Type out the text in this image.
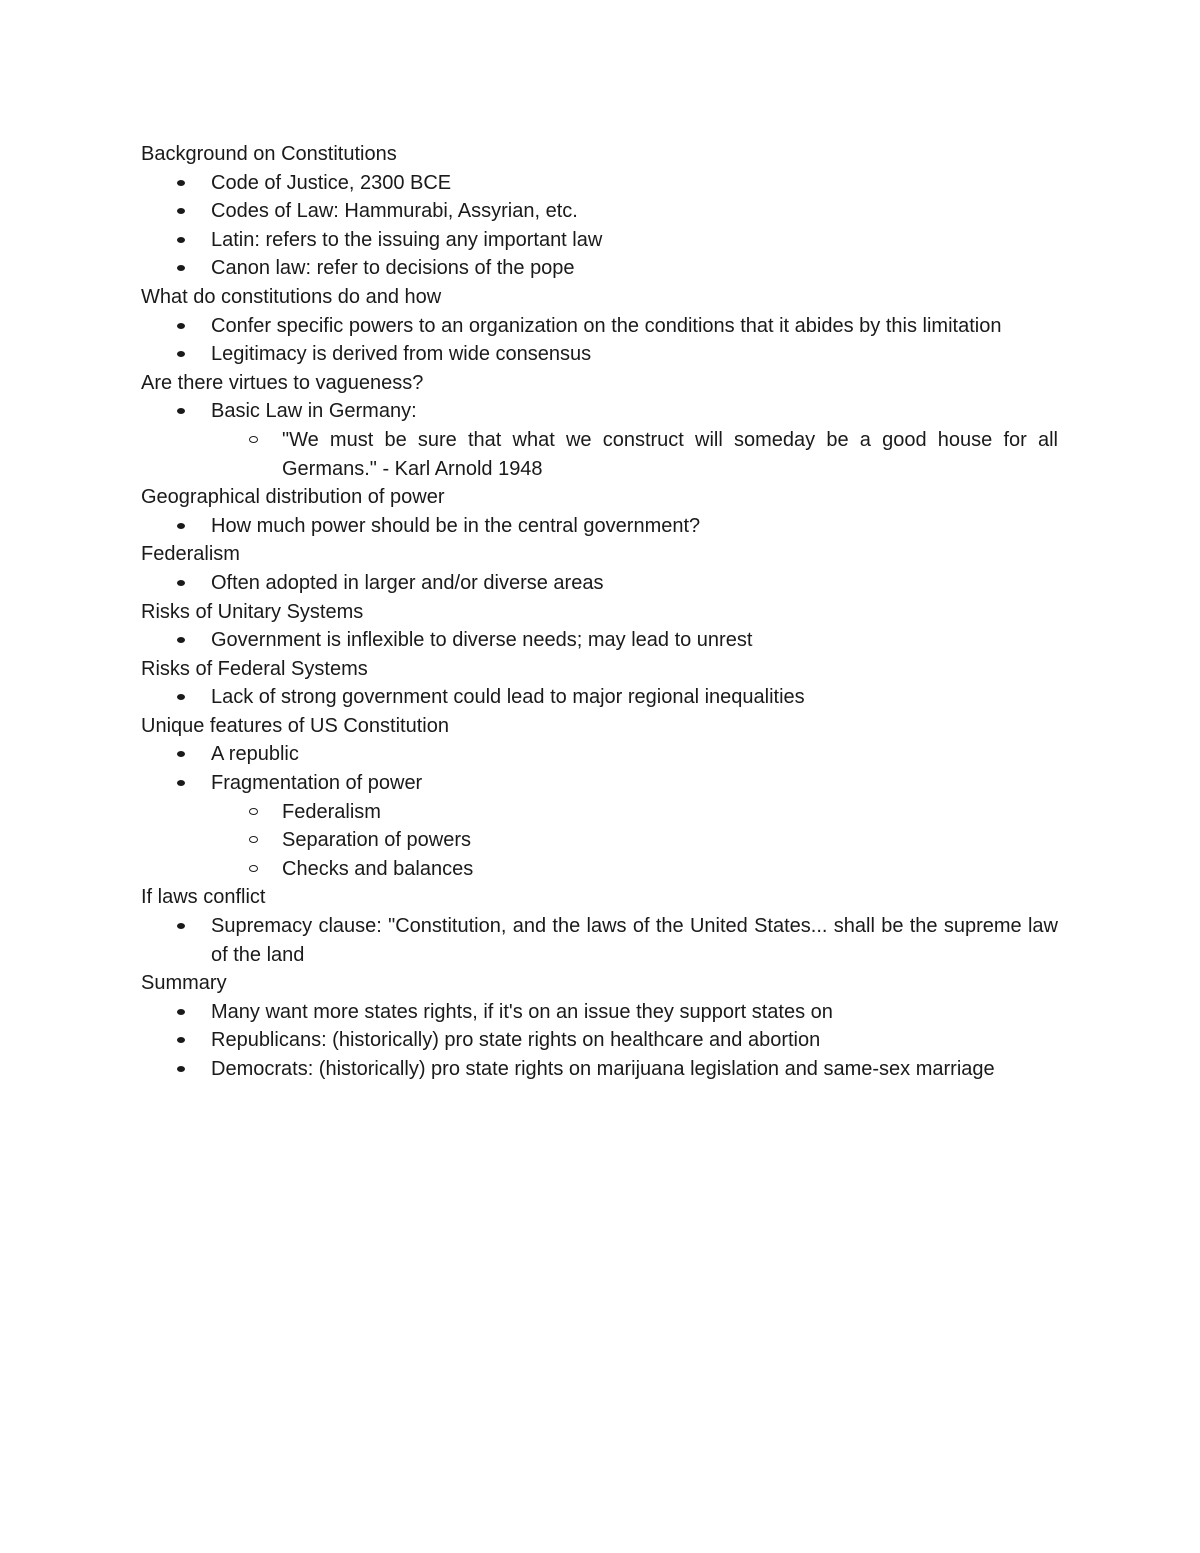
Background on Constitutions

Code of Justice, 2300 BCE
Codes of Law: Hammurabi, Assyrian, etc.
Latin: refers to the issuing any important law
Canon law: refer to decisions of the pope

What do constitutions do and how

Confer specific powers to an organization on the conditions that it abides by this limitation
Legitimacy is derived from wide consensus

Are there virtues to vagueness?

Basic Law in Germany:
"We must be sure that what we construct will someday be a good house for all Germans." - Karl Arnold 1948

Geographical distribution of power

How much power should be in the central government?

Federalism

Often adopted in larger and/or diverse areas

Risks of Unitary Systems

Government is inflexible to diverse needs; may lead to unrest

Risks of Federal Systems

Lack of strong government could lead to major regional inequalities

Unique features of US Constitution

A republic
Fragmentation of power
Federalism
Separation of powers
Checks and balances

If laws conflict

Supremacy clause: "Constitution, and the laws of the United States... shall be the supreme law of the land

Summary

Many want more states rights, if it's on an issue they support states on
Republicans: (historically) pro state rights on healthcare and abortion
Democrats: (historically) pro state rights on marijuana legislation and same-sex marriage
